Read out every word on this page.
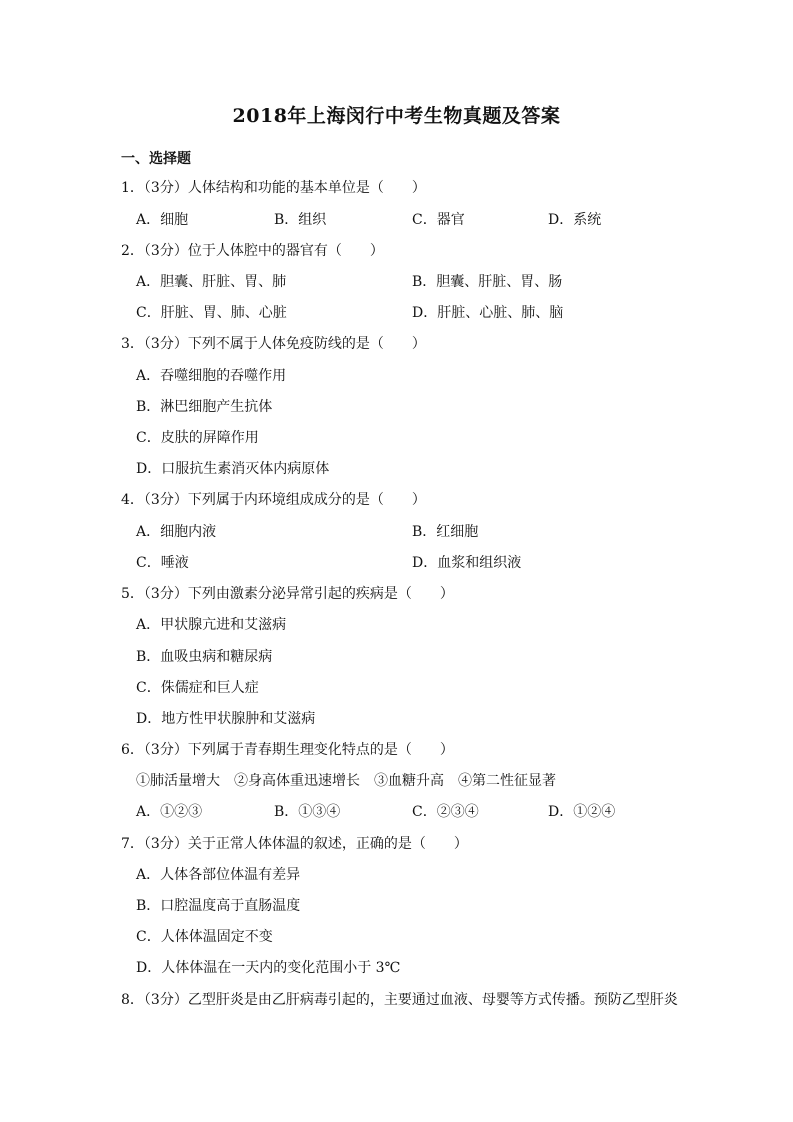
2018年上海闵行中考生物真题及答案
一、选择题
1．（3分）人体结构和功能的基本单位是（　　）
A．细胞	B．组织	C．器官	D．系统
2．（3分）位于人体腔中的器官有（　　）
A．胆囊、肝脏、胃、肺	B．胆囊、肝脏、胃、肠
C．肝脏、胃、肺、心脏	D．肝脏、心脏、肺、脑
3．（3分）下列不属于人体免疫防线的是（　　）
A．吞噬细胞的吞噬作用
B．淋巴细胞产生抗体
C．皮肤的屏障作用
D．口服抗生素消灭体内病原体
4．（3分）下列属于内环境组成成分的是（　　）
A．细胞内液	B．红细胞
C．唾液	D．血浆和组织液
5．（3分）下列由激素分泌异常引起的疾病是（　　）
A．甲状腺亢进和艾滋病
B．血吸虫病和糖尿病
C．侏儒症和巨人症
D．地方性甲状腺肿和艾滋病
6．（3分）下列属于青春期生理变化特点的是（　　）
①肺活量增大　②身高体重迅速增长　③血糖升高　④第二性征显著
A．①②③	B．①③④	C．②③④	D．①②④
7．（3分）关于正常人体体温的叙述，正确的是（　　）
A．人体各部位体温有差异
B．口腔温度高于直肠温度
C．人体体温固定不变
D．人体体温在一天内的变化范围小于 3℃
8．（3分）乙型肝炎是由乙肝病毒引起的，主要通过血液、母婴等方式传播。预防乙型肝炎
